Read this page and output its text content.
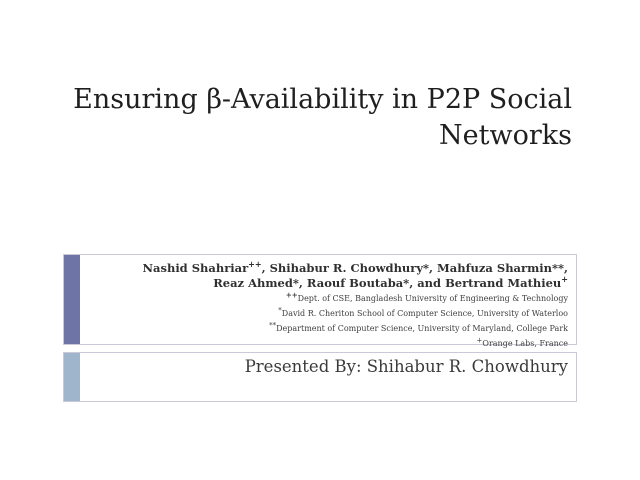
Ensuring β-Availability in P2P Social
Networks
Nashid Shahriar++, Shihabur R. Chowdhury*, Mahfuza Sharmin**,
Reaz Ahmed*, Raouf Boutaba*, and Bertrand Mathieu+
++Dept. of CSE, Bangladesh University of Engineering & Technology
*David R. Cheriton School of Computer Science, University of Waterloo
**Department of Computer Science, University of Maryland, College Park
+Orange Labs, France
Presented By: Shihabur R. Chowdhury
